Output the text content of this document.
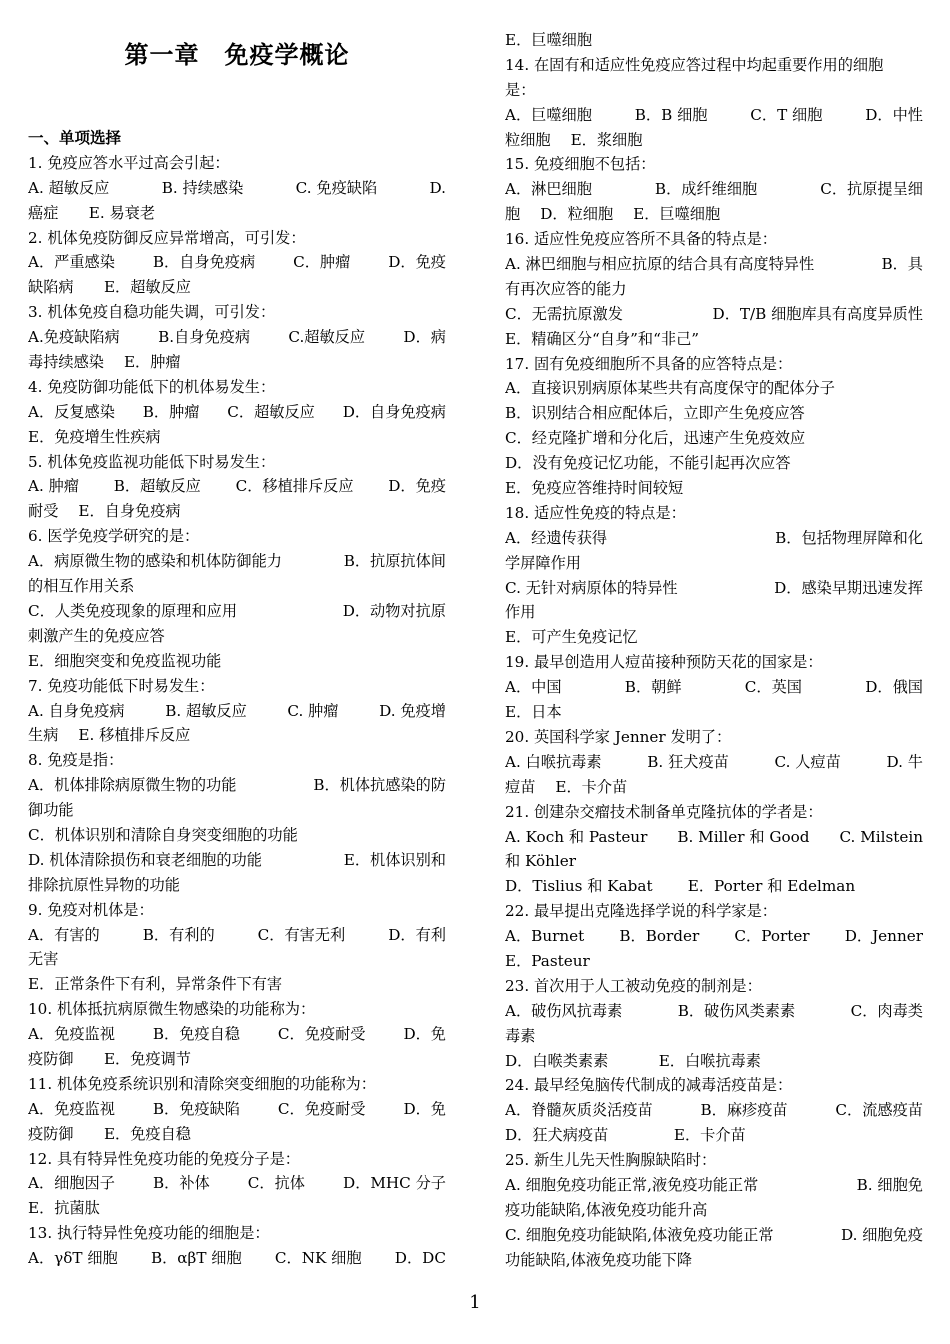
第一章　免疫学概论
一、单项选择
1. 免疫应答水平过高会引起：
A. 超敏反应	B. 持续感染	C. 免疫缺陷	D.
癌症　　E. 易衰老
2. 机体免疫防御反应异常增高，可引发：
A．严重感染 B．自身免疫病 C．肿瘤 D．免疫
缺陷病　　E．超敏反应
3. 机体免疫自稳功能失调，可引发：
A.免疫缺陷病	B.自身免疫病	C.超敏反应	D．病
毒持续感染　 E．肿瘤
4. 免疫防御功能低下的机体易发生：
A．反复感染 B．肿瘤 C．超敏反应 D．自身免疫病
E．免疫增生性疾病
5. 机体免疫监视功能低下时易发生：
A. 肿瘤 B．超敏反应 C．移植排斥反应 D．免疫
耐受　 E．自身免疫病
6. 医学免疫学研究的是：
A．病原微生物的感染和机体防御能力	B．抗原抗体间
的相互作用关系
C．人类免疫现象的原理和应用	D．动物对抗原
刺激产生的免疫应答
E．细胞突变和免疫监视功能
7. 免疫功能低下时易发生：
A. 自身免疫病	B. 超敏反应	C. 肿瘤	D. 免疫增
生病　 E. 移植排斥反应
8. 免疫是指：
A．机体排除病原微生物的功能	B．机体抗感染的防
御功能
C．机体识别和清除自身突变细胞的功能
D. 机体清除损伤和衰老细胞的功能	E．机体识别和
排除抗原性异物的功能
9. 免疫对机体是：
A．有害的	B．有利的	C．有害无利	D．有利
无害
E．正常条件下有利，异常条件下有害
10. 机体抵抗病原微生物感染的功能称为：
A．免疫监视 B．免疫自稳 C．免疫耐受 D．免
疫防御　　E．免疫调节
11. 机体免疫系统识别和清除突变细胞的功能称为：
A．免疫监视 B．免疫缺陷 C．免疫耐受 D．免
疫防御　　E．免疫自稳
12. 具有特异性免疫功能的免疫分子是：
A．细胞因子	B．补体	C．抗体	D．MHC 分子
E．抗菌肽
13. 执行特异性免疫功能的细胞是：
A．γδT 细胞 B．αβT 细胞 C．NK 细胞 D．DC
E．巨噬细胞
14. 在固有和适应性免疫应答过程中均起重要作用的细胞
是：
A．巨噬细胞	B．B 细胞	C．T 细胞	D．中性
粒细胞　 E．浆细胞
15. 免疫细胞不包括：
A．淋巴细胞	B．成纤维细胞	C．抗原提呈细
胞　 D．粒细胞　 E．巨噬细胞
16. 适应性免疫应答所不具备的特点是：
A. 淋巴细胞与相应抗原的结合具有高度特异性	B．具
有再次应答的能力
C．无需抗原激发	D．T/B 细胞库具有高度异质性
E．精确区分“自身”和“非己”
17. 固有免疫细胞所不具备的应答特点是：
A．直接识别病原体某些共有高度保守的配体分子
B．识别结合相应配体后，立即产生免疫应答
C．经克隆扩增和分化后，迅速产生免疫效应
D．没有免疫记忆功能，不能引起再次应答
E．免疫应答维持时间较短
18. 适应性免疫的特点是：
A．经遗传获得	B．包括物理屏障和化
学屏障作用
C. 无针对病原体的特异性	D．感染早期迅速发挥
作用
E．可产生免疫记忆
19. 最早创造用人痘苗接种预防天花的国家是：
A．中国	B．朝鲜	C．英国	D．俄国
E．日本
20. 英国科学家 Jenner 发明了：
A. 白喉抗毒素	B. 狂犬疫苗	C. 人痘苗	D. 牛
痘苗　 E．卡介苗
21. 创建杂交瘤技术制备单克隆抗体的学者是：
A. Koch 和 Pasteur B. Miller 和 Good C. Milstein
和 Köhler
D．Tislius 和 Kabat　　 E．Porter 和 Edelman
22. 最早提出克隆选择学说的科学家是：
A．Burnet B．Border C．Porter D．Jenner
E．Pasteur
23. 首次用于人工被动免疫的制剂是：
A．破伤风抗毒素	B．破伤风类素素	C．肉毒类
毒素
D．白喉类素素　　　 E．白喉抗毒素
24. 最早经兔脑传代制成的减毒活疫苗是：
A．脊髓灰质炎活疫苗	B．麻疹疫苗	C．流感疫苗
D．狂犬病疫苗　　　　 E．卡介苗
25. 新生儿先天性胸腺缺陷时：
A. 细胞免疫功能正常,液免疫功能正常	B. 细胞免
疫功能缺陷,体液免疫功能升高
C. 细胞免疫功能缺陷,体液免疫功能正常	D. 细胞免疫
功能缺陷,体液免疫功能下降
1
